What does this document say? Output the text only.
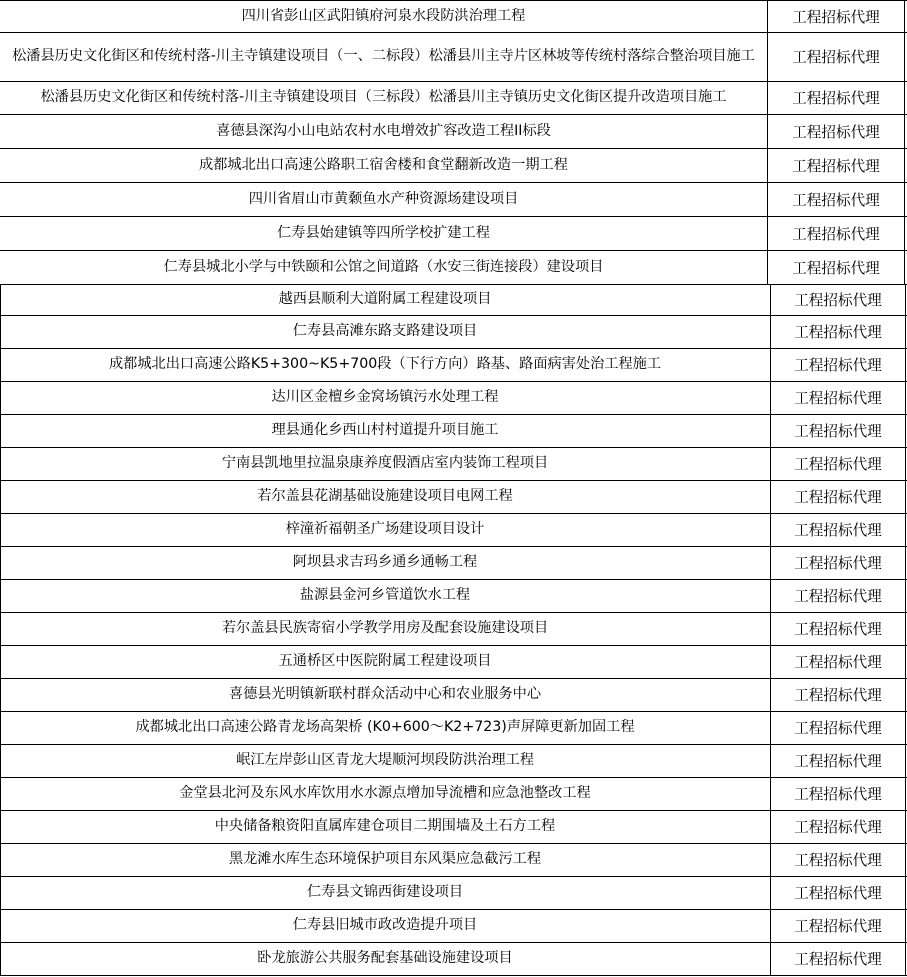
四川省彭山区武阳镇府河泉水段防洪治理工程	工程招标代理
松潘县历史文化街区和传统村落-川主寺镇建设项目（一、二标段）松潘县川主寺片区林坡等传统村落综合整治项目施工	工程招标代理
松潘县历史文化街区和传统村落-川主寺镇建设项目（三标段）松潘县川主寺镇历史文化街区提升改造项目施工	工程招标代理
喜德县深沟小山电站农村水电增效扩容改造工程II标段	工程招标代理
成都城北出口高速公路职工宿舍楼和食堂翻新改造一期工程	工程招标代理
四川省眉山市黄颡鱼水产种资源场建设项目	工程招标代理
仁寿县始建镇等四所学校扩建工程	工程招标代理
仁寿县城北小学与中铁颐和公馆之间道路（水安三街连接段）建设项目	工程招标代理
越西县顺利大道附属工程建设项目	工程招标代理
仁寿县高滩东路支路建设项目	工程招标代理
成都城北出口高速公路K5+300~K5+700段（下行方向）路基、路面病害处治工程施工	工程招标代理
达川区金檀乡金窝场镇污水处理工程	工程招标代理
理县通化乡西山村村道提升项目施工	工程招标代理
宁南县凯地里拉温泉康养度假酒店室内装饰工程项目	工程招标代理
若尔盖县花湖基础设施建设项目电网工程	工程招标代理
梓潼祈福朝圣广场建设项目设计	工程招标代理
阿坝县求吉玛乡通乡通畅工程	工程招标代理
盐源县金河乡管道饮水工程	工程招标代理
若尔盖县民族寄宿小学教学用房及配套设施建设项目	工程招标代理
五通桥区中医院附属工程建设项目	工程招标代理
喜德县光明镇新联村群众活动中心和农业服务中心	工程招标代理
成都城北出口高速公路青龙场高架桥 (K0+600～K2+723)声屏障更新加固工程	工程招标代理
岷江左岸彭山区青龙大堤顺河坝段防洪治理工程	工程招标代理
金堂县北河及东风水库饮用水水源点增加导流槽和应急池整改工程	工程招标代理
中央储备粮资阳直属库建仓项目二期围墙及土石方工程	工程招标代理
黑龙滩水库生态环境保护项目东风渠应急截污工程	工程招标代理
仁寿县文锦西街建设项目	工程招标代理
仁寿县旧城市政改造提升项目	工程招标代理
卧龙旅游公共服务配套基础设施建设项目	工程招标代理
